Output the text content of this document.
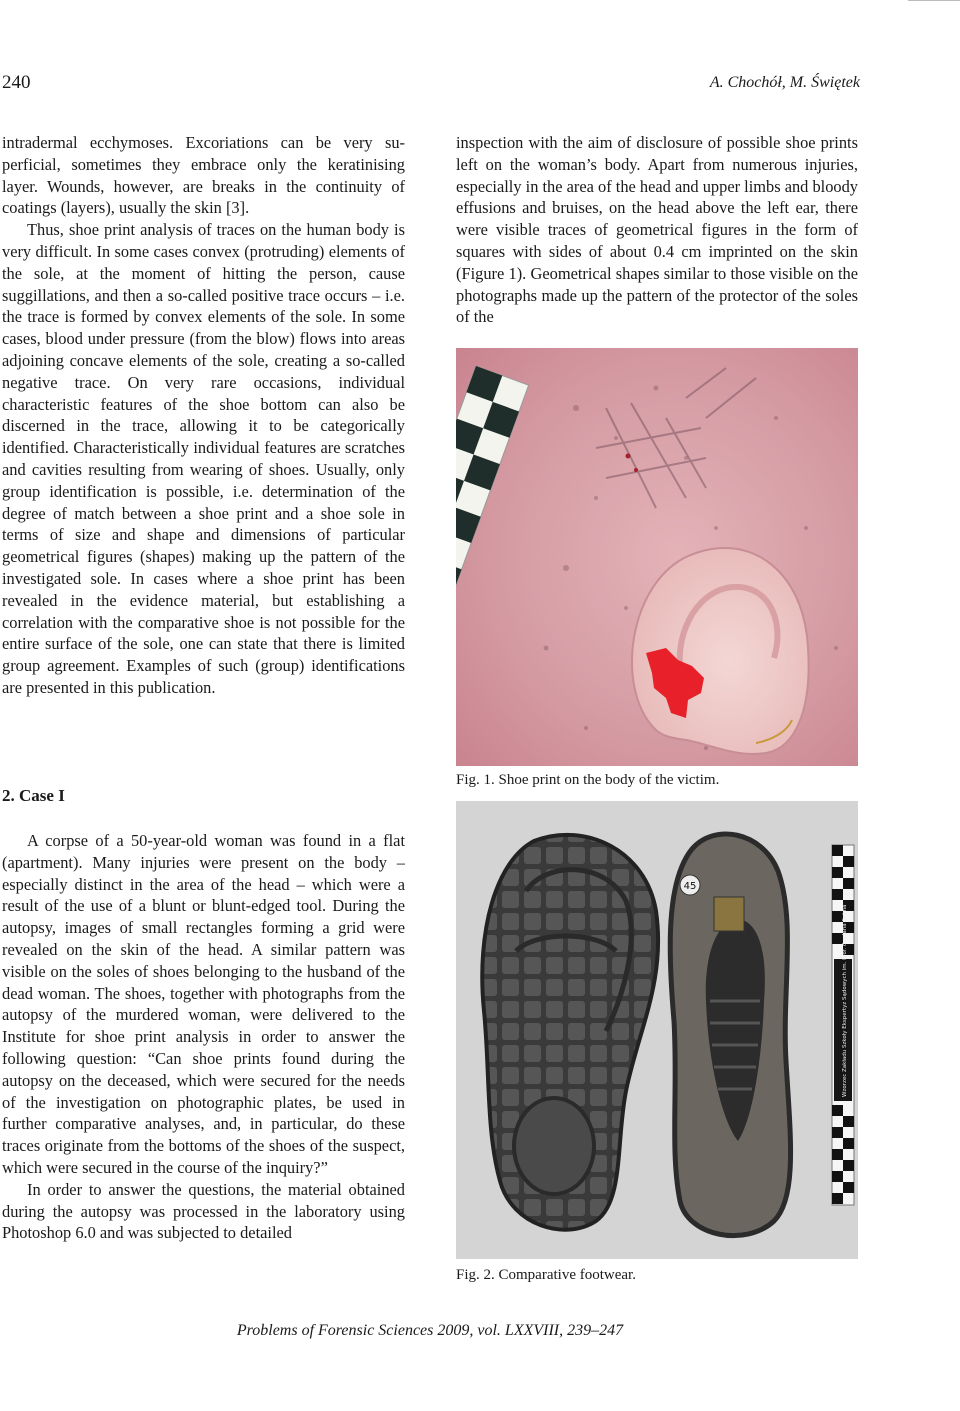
240	A. Chochół, M. Świętek

intradermal ecchymoses. Excoriations can be very superficial, sometimes they embrace only the keratinising layer. Wounds, however, are breaks in the continuity of coatings (layers), usually the skin [3].

Thus, shoe print analysis of traces on the human body is very difficult. In some cases convex (protruding) elements of the sole, at the moment of hitting the person, cause suggillations, and then a so-called positive trace occurs – i.e. the trace is formed by convex elements of the sole. In some cases, blood under pressure (from the blow) flows into areas adjoining concave elements of the sole, creating a so-called negative trace. On very rare occasions, individual characteristic features of the shoe bottom can also be discerned in the trace, allowing it to be categorically identified. Characteristically individual features are scratches and cavities resulting from wearing of shoes. Usually, only group identification is possible, i.e. determination of the degree of match between a shoe print and a shoe sole in terms of size and shape and dimensions of particular geometrical figures (shapes) making up the pattern of the investigated sole. In cases where a shoe print has been revealed in the evidence material, but establishing a correlation with the comparative shoe is not possible for the entire surface of the sole, one can state that there is limited group agreement. Examples of such (group) identifications are presented in this publication.

2. Case I

A corpse of a 50-year-old woman was found in a flat (apartment). Many injuries were present on the body – especially distinct in the area of the head – which were a result of the use of a blunt or blunt-edged tool. During the autopsy, images of small rectangles forming a grid were revealed on the skin of the head. A similar pattern was visible on the soles of shoes belonging to the husband of the dead woman. The shoes, together with photographs from the autopsy of the murdered woman, were delivered to the Institute for shoe print analysis in order to answer the following question: “Can shoe prints found during the autopsy on the deceased, which were secured for the needs of the investigation on photographic plates, be used in further comparative analyses, and, in particular, do these traces originate from the bottoms of the shoes of the suspect, which were secured in the course of the inquiry?”

In order to answer the questions, the material obtained during the autopsy was processed in the laboratory using Photoshop 6.0 and was subjected to detailed

inspection with the aim of disclosure of possible shoe prints left on the woman’s body. Apart from numerous injuries, especially in the area of the head and upper limbs and bloody effusions and bruises, on the head above the left ear, there were visible traces of geometrical figures in the form of squares with sides of about 0.4 cm imprinted on the skin (Figure 1). Geometrical shapes similar to those visible on the photographs made up the pattern of the protector of the soles of the

Fig. 1. Shoe print on the body of the victim.
45
Wzorzec Zakładu Szkoły Ekspertyz Sądowych im. Prof. dra Jana Sehna
Fig. 2. Comparative footwear.
Problems of Forensic Sciences 2009, vol. LXXVIII, 239–247
